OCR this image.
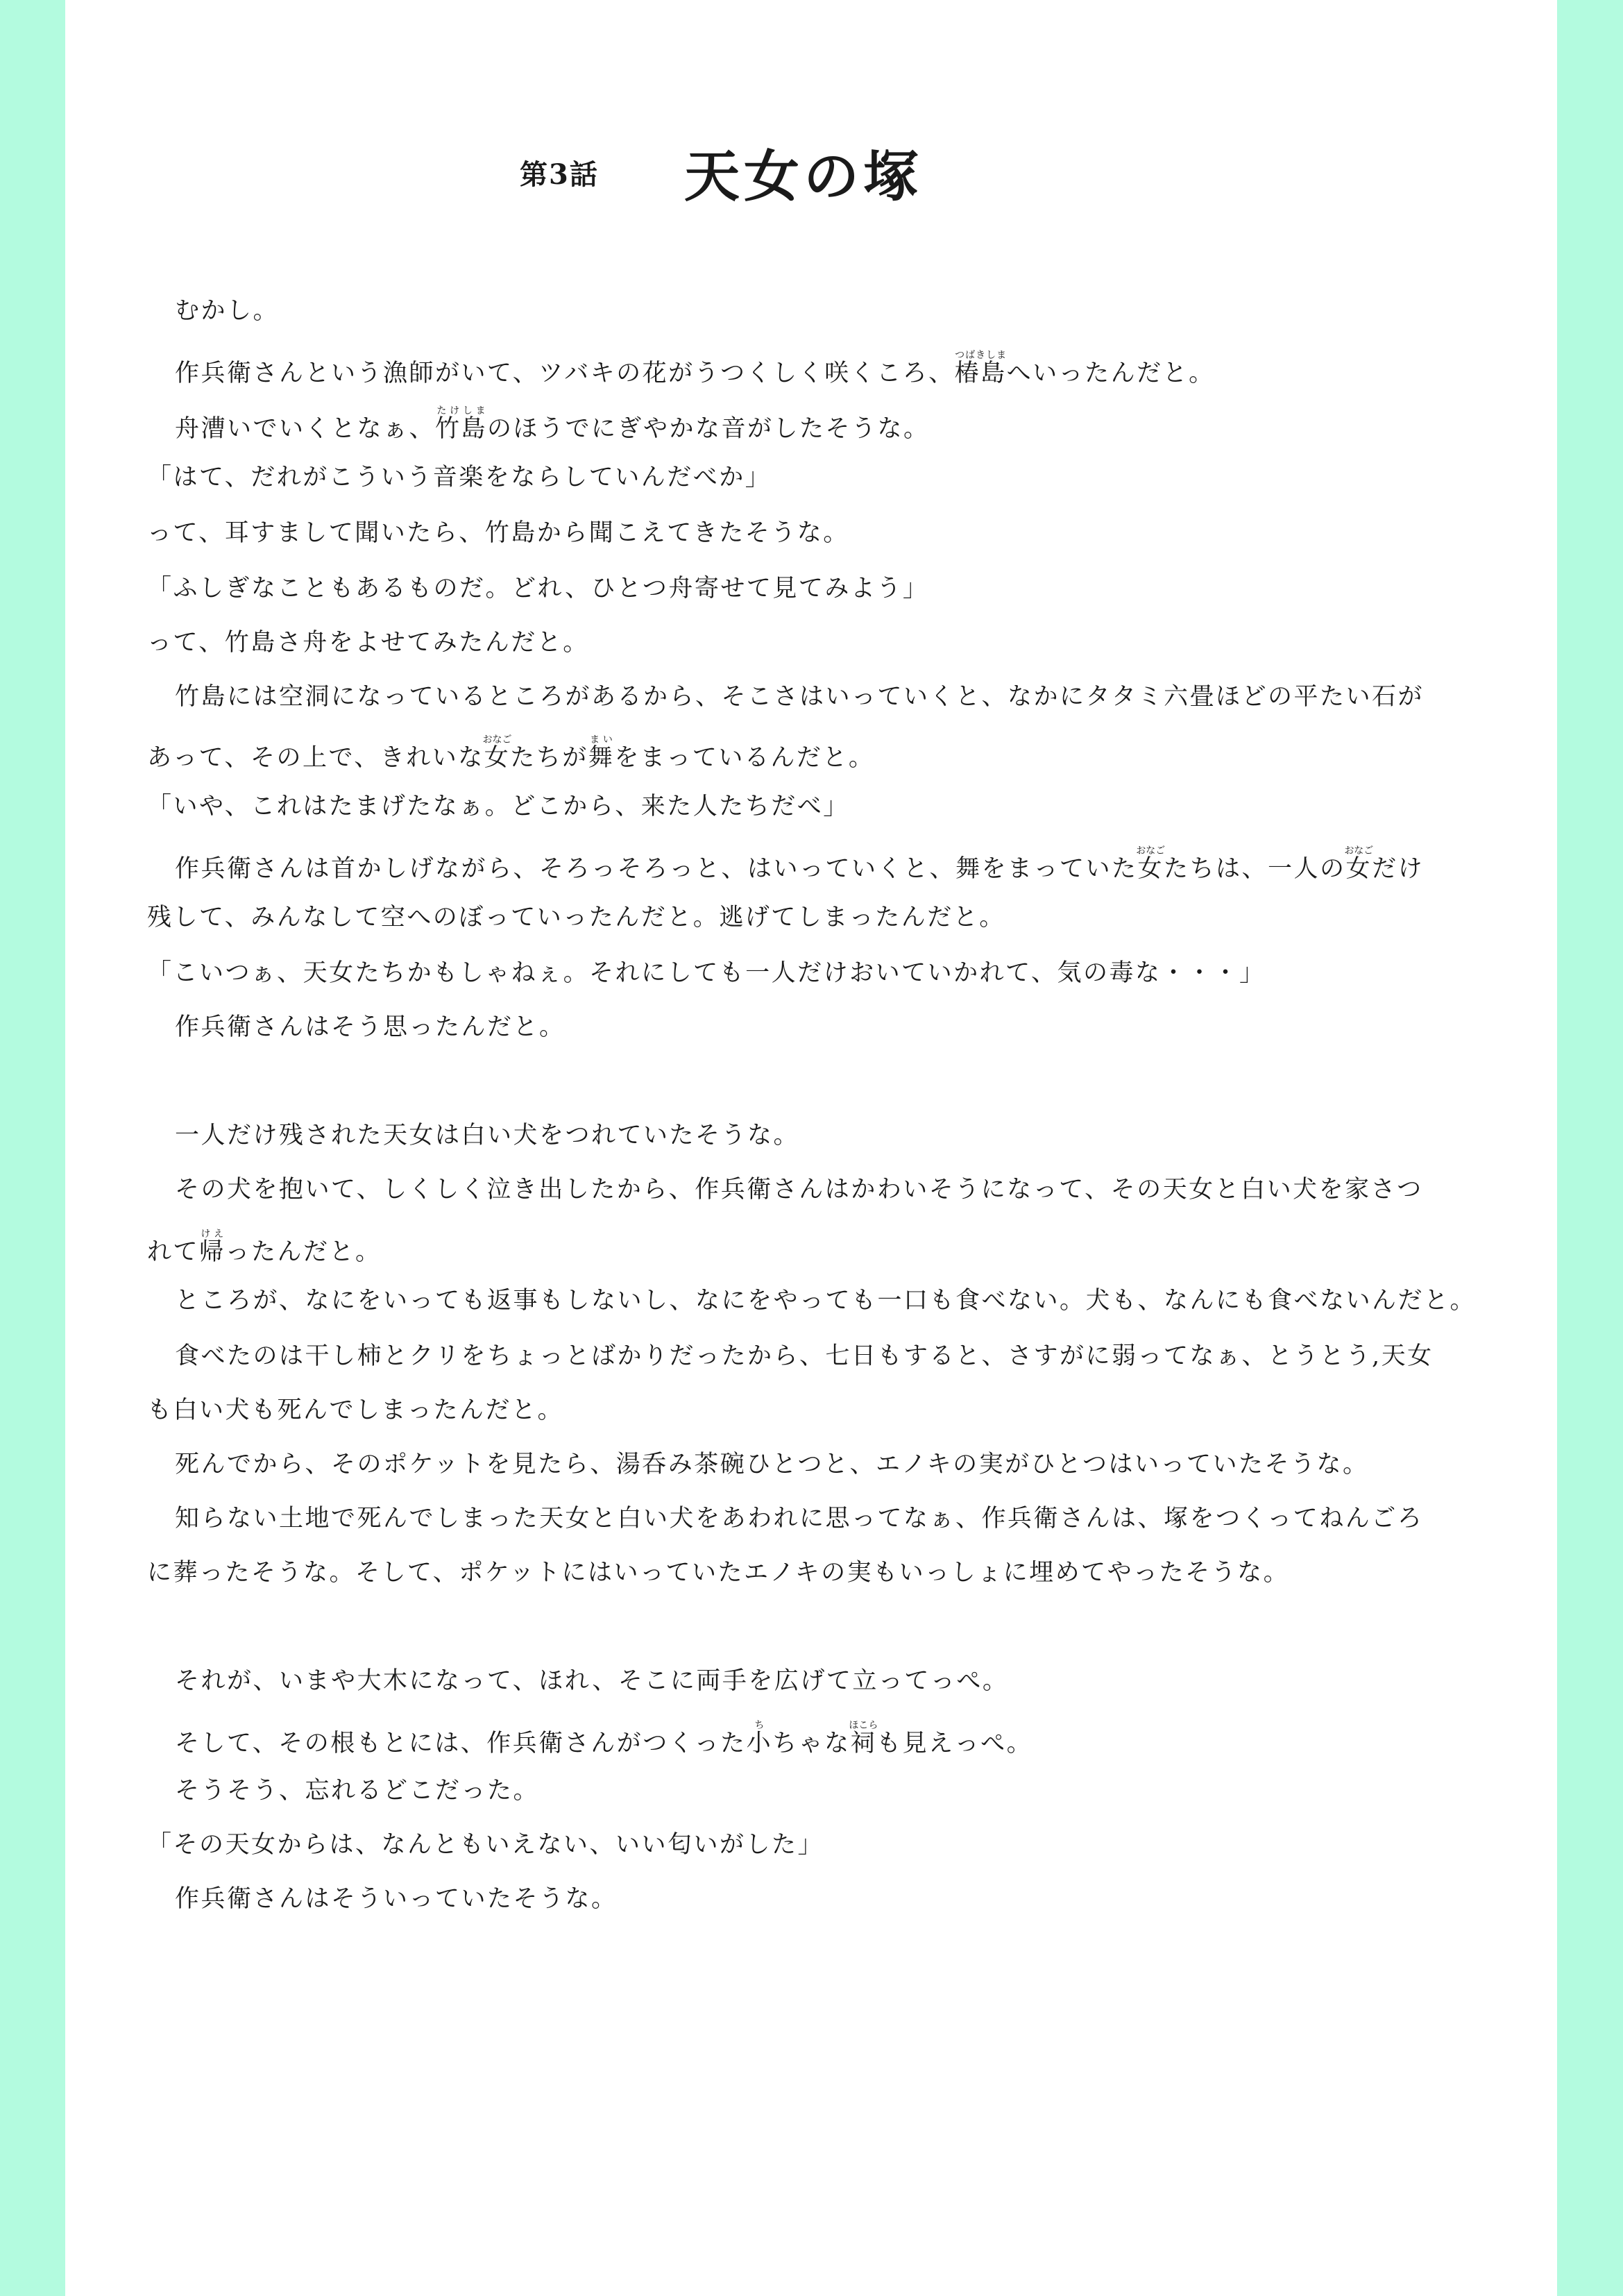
第3話 天女の塚
むかし。
作兵衛さんという漁師がいて、ツバキの花がうつくしく咲くころ、椿島つばきしまへいったんだと。
舟漕いでいくとなぁ、竹島たけしまのほうでにぎやかな音がしたそうな。
「はて、だれがこういう音楽をならしていんだべか」
って、耳すまして聞いたら、竹島から聞こえてきたそうな。
「ふしぎなこともあるものだ。どれ、ひとつ舟寄せて見てみよう」
って、竹島さ舟をよせてみたんだと。
竹島には空洞になっているところがあるから、そこさはいっていくと、なかにタタミ六畳ほどの平たい石が
あって、その上で、きれいな女おなごたちが舞まいをまっているんだと。
「いや、これはたまげたなぁ。どこから、来た人たちだべ」
作兵衛さんは首かしげながら、そろっそろっと、はいっていくと、舞をまっていた女おなごたちは、一人の女おなごだけ
残して、みんなして空へのぼっていったんだと。逃げてしまったんだと。
「こいつぁ、天女たちかもしゃねぇ。それにしても一人だけおいていかれて、気の毒な・・・」
作兵衛さんはそう思ったんだと。
一人だけ残された天女は白い犬をつれていたそうな。
その犬を抱いて、しくしく泣き出したから、作兵衛さんはかわいそうになって、その天女と白い犬を家さつ
れて帰けえったんだと。
ところが、なにをいっても返事もしないし、なにをやっても一口も食べない。犬も、なんにも食べないんだと。
食べたのは干し柿とクリをちょっとばかりだったから、七日もすると、さすがに弱ってなぁ、とうとう,天女
も白い犬も死んでしまったんだと。
死んでから、そのポケットを見たら、湯呑み茶碗ひとつと、エノキの実がひとつはいっていたそうな。
知らない土地で死んでしまった天女と白い犬をあわれに思ってなぁ、作兵衛さんは、塚をつくってねんごろ
に葬ったそうな。そして、ポケットにはいっていたエノキの実もいっしょに埋めてやったそうな。
それが、いまや大木になって、ほれ、そこに両手を広げて立ってっぺ。
そして、その根もとには、作兵衛さんがつくった小ちちゃな祠ほこらも見えっぺ。
そうそう、忘れるどこだった。
「その天女からは、なんともいえない、いい匂いがした」
作兵衛さんはそういっていたそうな。
